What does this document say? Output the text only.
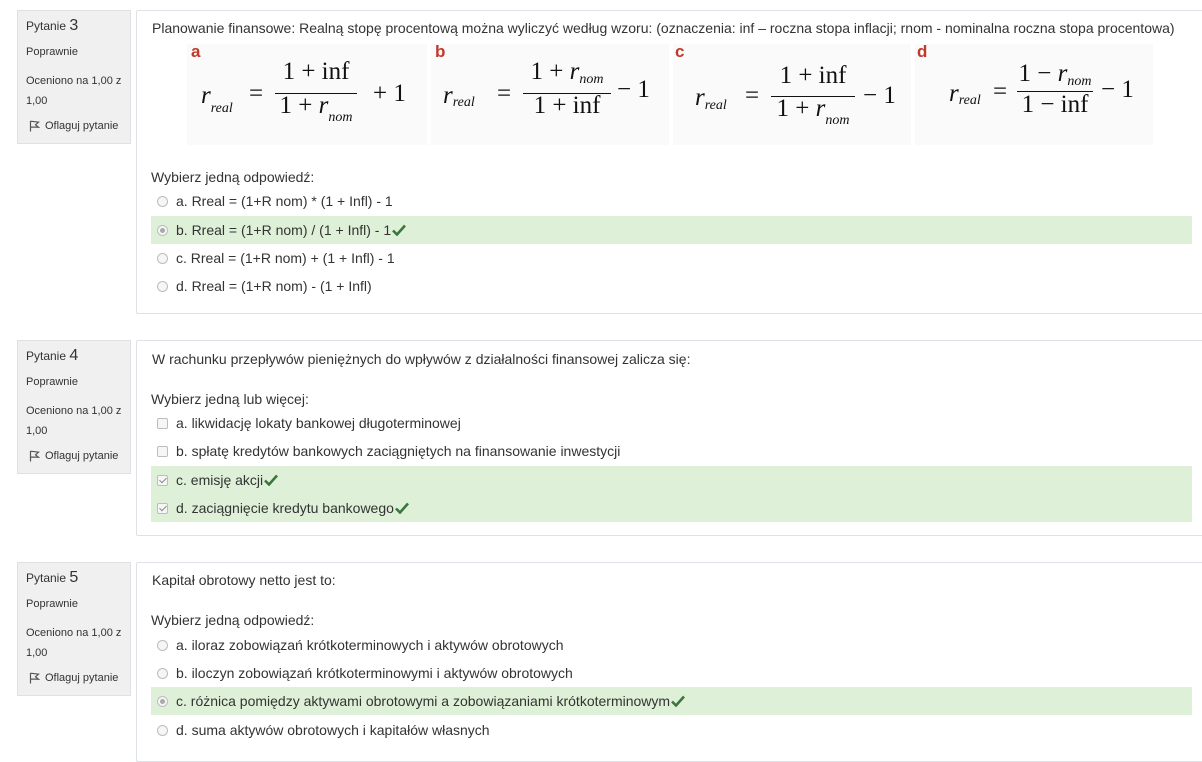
Pytanie 3
Poprawnie
Oceniono na 1,00 z
1,00
Oflaguj pytanie
Planowanie finansowe: Realną stopę procentową można wyliczyć według wzoru: (oznaczenia: inf – roczna stopa inflacji; rnom - nominalna roczna stopa procentowa)
a
$r_{real}$
=
1 + inf
$1 + r_{nom}$
+ 1
b
rreal =
1 + rnom
1 + inf
− 1
c
rreal =
1 + inf
$1 + r_{nom}$
− 1
d
rreal =
1 − rnom
1 − inf
− 1
Wybierz jedną odpowiedź:
a. Rreal = (1+R nom) * (1 + Infl) - 1
b. Rreal = (1+R nom) / (1 + Infl) - 1
c. Rreal = (1+R nom) + (1 + Infl) - 1
d. Rreal = (1+R nom) - (1 + Infl)
Pytanie 4
Poprawnie
Oceniono na 1,00 z
1,00
Oflaguj pytanie
W rachunku przepływów pieniężnych do wpływów z działalności finansowej zalicza się:
Wybierz jedną lub więcej:
a. likwidację lokaty bankowej długoterminowej
b. spłatę kredytów bankowych zaciągniętych na finansowanie inwestycji
c. emisję akcji
d. zaciągnięcie kredytu bankowego
Pytanie 5
Poprawnie
Oceniono na 1,00 z
1,00
Oflaguj pytanie
Kapitał obrotowy netto jest to:
Wybierz jedną odpowiedź:
a. iloraz zobowiązań krótkoterminowych i aktywów obrotowych
b. iloczyn zobowiązań krótkoterminowymi i aktywów obrotowych
c. różnica pomiędzy aktywami obrotowymi a zobowiązaniami krótkoterminowym
d. suma aktywów obrotowych i kapitałów własnych
